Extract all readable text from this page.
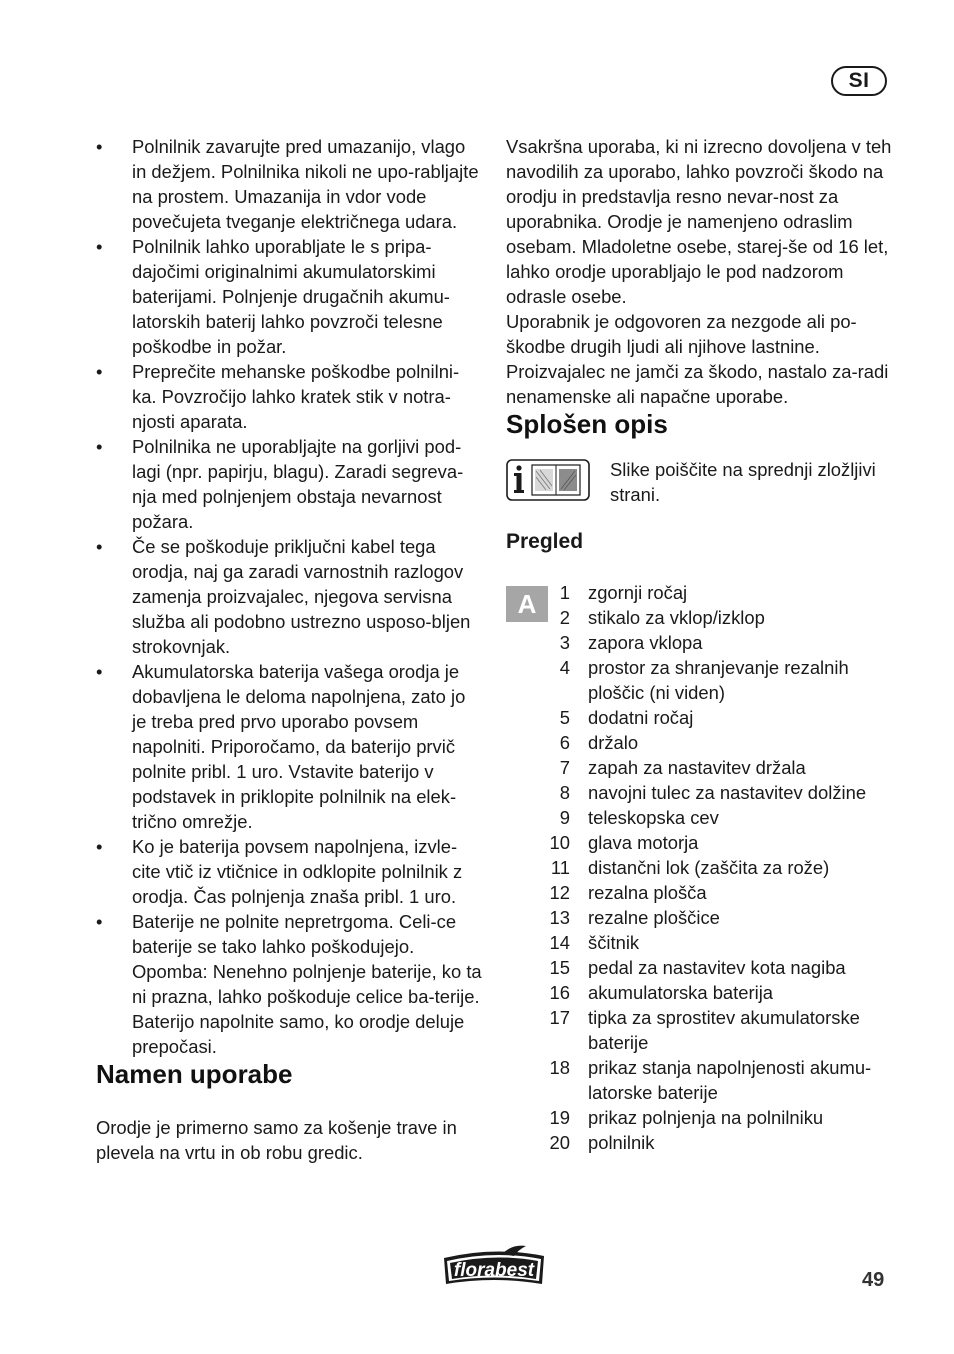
SI
•	Polnilnik zavarujte pred umazanijo, vlago in dežjem. Polnilnika nikoli ne upo-rabljajte na prostem. Umazanija in vdor vode povečujeta tveganje električnega udara.
•	Polnilnik lahko uporabljate le s pripa-dajočimi originalnimi akumulatorskimi baterijami. Polnjenje drugačnih akumu-latorskih baterij lahko povzroči telesne poškodbe in požar.
•	Preprečite mehanske poškodbe polnilni-ka. Povzročijo lahko kratek stik v notra-njosti aparata.
•	Polnilnika ne uporabljajte na gorljivi pod-lagi (npr. papirju, blagu). Zaradi segreva-nja med polnjenjem obstaja nevarnost požara.
•	Če se poškoduje priključni kabel tega orodja, naj ga zaradi varnostnih razlogov zamenja proizvajalec, njegova servisna služba ali podobno ustrezno usposo-bljen strokovnjak.
•	Akumulatorska baterija vašega orodja je dobavljena le deloma napolnjena, zato jo je treba pred prvo uporabo povsem napolniti. Priporočamo, da baterijo prvič polnite pribl. 1 uro. Vstavite baterijo v podstavek in priklopite polnilnik na elek-trično omrežje.
•	Ko je baterija povsem napolnjena, izvle-cite vtič iz vtičnice in odklopite polnilnik z orodja. Čas polnjenja znaša pribl. 1 uro.
•	Baterije ne polnite nepretrgoma. Celi-ce baterije se tako lahko poškodujejo. Opomba: Nenehno polnjenje baterije, ko ta ni prazna, lahko poškoduje celice ba-terije. Baterijo napolnite samo, ko orodje deluje prepočasi.
Namen uporabe

Orodje je primerno samo za košenje trave in plevela na vrtu in ob robu gredic.

Vsakršna uporaba, ki ni izrecno dovoljena v teh navodilih za uporabo, lahko povzroči škodo na orodju in predstavlja resno nevar-nost za uporabnika. Orodje je namenjeno odraslim osebam. Mladoletne osebe, starej-še od 16 let, lahko orodje uporabljajo le pod nadzorom odrasle osebe.

Uporabnik je odgovoren za nezgode ali po-škodbe drugih ljudi ali njihove lastnine. Proizvajalec ne jamči za škodo, nastalo za-radi nenamenske ali napačne uporabe.

Splošen opis

Slike poiščite na sprednji zložljivi strani.

Pregled
A	1 zgornji ročaj
2 stikalo za vklop/izklop
3 zapora vklopa
4 prostor za shranjevanje rezalnih ploščic (ni viden)
5 dodatni ročaj
6 držalo
7 zapah za nastavitev držala
8 navojni tulec za nastavitev dolžine
9 teleskopska cev
10 glava motorja
11 distančni lok (zaščita za rože)
12 rezalna plošča
13 rezalne ploščice
14 ščitnik
15 pedal za nastavitev kota nagiba
16 akumulatorska baterija
17 tipka za sprostitev akumulatorske baterije
18 prikaz stanja napolnjenosti akumu-latorske baterije
19 prikaz polnjenja na polnilniku
20 polnilnik
florabest	49
